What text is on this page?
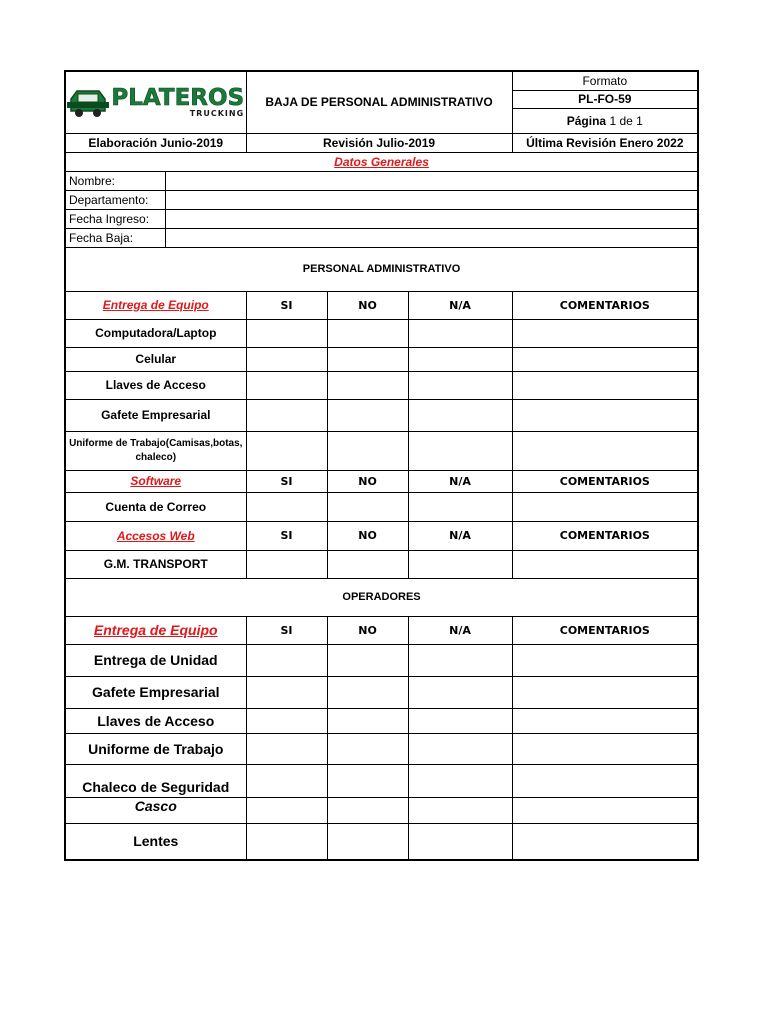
PLATEROS
TRUCKING		BAJA DE PERSONAL ADMINISTRATIVO			Formato
					PL-FO-59
					Página 1 de 1
Elaboración Junio-2019		Revisión Julio-2019			Última Revisión Enero 2022
Datos Generales					
Nombre:					
Departamento:					
Fecha Ingreso:					
Fecha Baja:					
PERSONAL ADMINISTRATIVO					
Entrega de Equipo		SI	NO	N/A	COMENTARIOS
Computadora/Laptop					
Celular					
Llaves de Acceso					
Gafete Empresarial					
Uniforme de Trabajo(Camisas,botas, chaleco)					
Software		SI	NO	N/A	COMENTARIOS
Cuenta de Correo					
Accesos Web		SI	NO	N/A	COMENTARIOS
G.M. TRANSPORT					
OPERADORES					
Entrega de Equipo		SI	NO	N/A	COMENTARIOS
Entrega de Unidad					
Gafete Empresarial					
Llaves de Acceso					
Uniforme de Trabajo					
Chaleco de Seguridad					
Casco					
Lentes					
